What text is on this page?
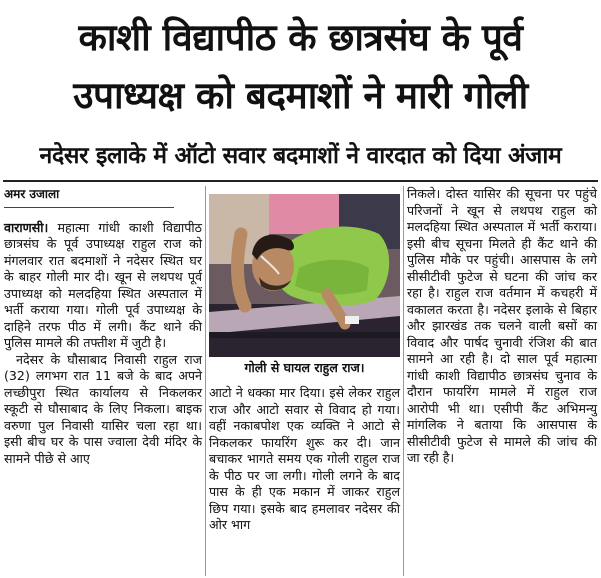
काशी विद्यापीठ के छात्रसंघ के पूर्व
उपाध्यक्ष को बदमाशों ने मारी गोली
नदेसर इलाके में ऑटो सवार बदमाशों ने वारदात को दिया अंजाम
अमर उजाला

वाराणसी। महात्मा गांधी काशी विद्यापीठ छात्रसंघ के पूर्व उपाध्यक्ष राहुल राज को मंगलवार रात बदमाशों ने नदेसर स्थित घर के बाहर गोली मार दी। खून से लथपथ पूर्व उपाध्यक्ष को मलदहिया स्थित अस्पताल में भर्ती कराया गया। गोली पूर्व उपाध्यक्ष के दाहिने तरफ पीठ में लगी। कैंट थाने की पुलिस मामले की तफ्तीश में जुटी है।

नदेसर के घौसाबाद निवासी राहुल राज (32) लगभग रात 11 बजे के बाद अपने लच्छीपुरा स्थित कार्यालय से निकलकर स्कूटी से घौसाबाद के लिए निकला। बाइक वरुणा पुल निवासी यासिर चला रहा था। इसी बीच घर के पास ज्वाला देवी मंदिर के सामने पीछे से आए

गोली से घायल राहुल राज।

आटो ने धक्का मार दिया। इसे लेकर राहुल राज और आटो सवार से विवाद हो गया। वहीं नकाबपोश एक व्यक्ति ने आटो से निकलकर फायरिंग शुरू कर दी। जान बचाकर भागते समय एक गोली राहुल राज के पीठ पर जा लगी। गोली लगने के बाद पास के ही एक मकान में जाकर राहुल छिप गया। इसके बाद हमलावर नदेसर की ओर भाग

निकले। दोस्त यासिर की सूचना पर पहुंचे परिजनों ने खून से लथपथ राहुल को मलदहिया स्थित अस्पताल में भर्ती कराया। इसी बीच सूचना मिलते ही कैंट थाने की पुलिस मौके पर पहुंची। आसपास के लगे सीसीटीवी फुटेज से घटना की जांच कर रहा है। राहुल राज वर्तमान में कचहरी में वकालत करता है। नदेसर इलाके से बिहार और झारखंड तक चलने वाली बसों का विवाद और पार्षद चुनावी रंजिश की बात सामने आ रही है। दो साल पूर्व महात्मा गांधी काशी विद्यापीठ छात्रसंघ चुनाव के दौरान फायरिंग मामले में राहुल राज आरोपी भी था। एसीपी कैंट अभिमन्यु मांगलिक ने बताया कि आसपास के सीसीटीवी फुटेज से मामले की जांच की जा रही है।
